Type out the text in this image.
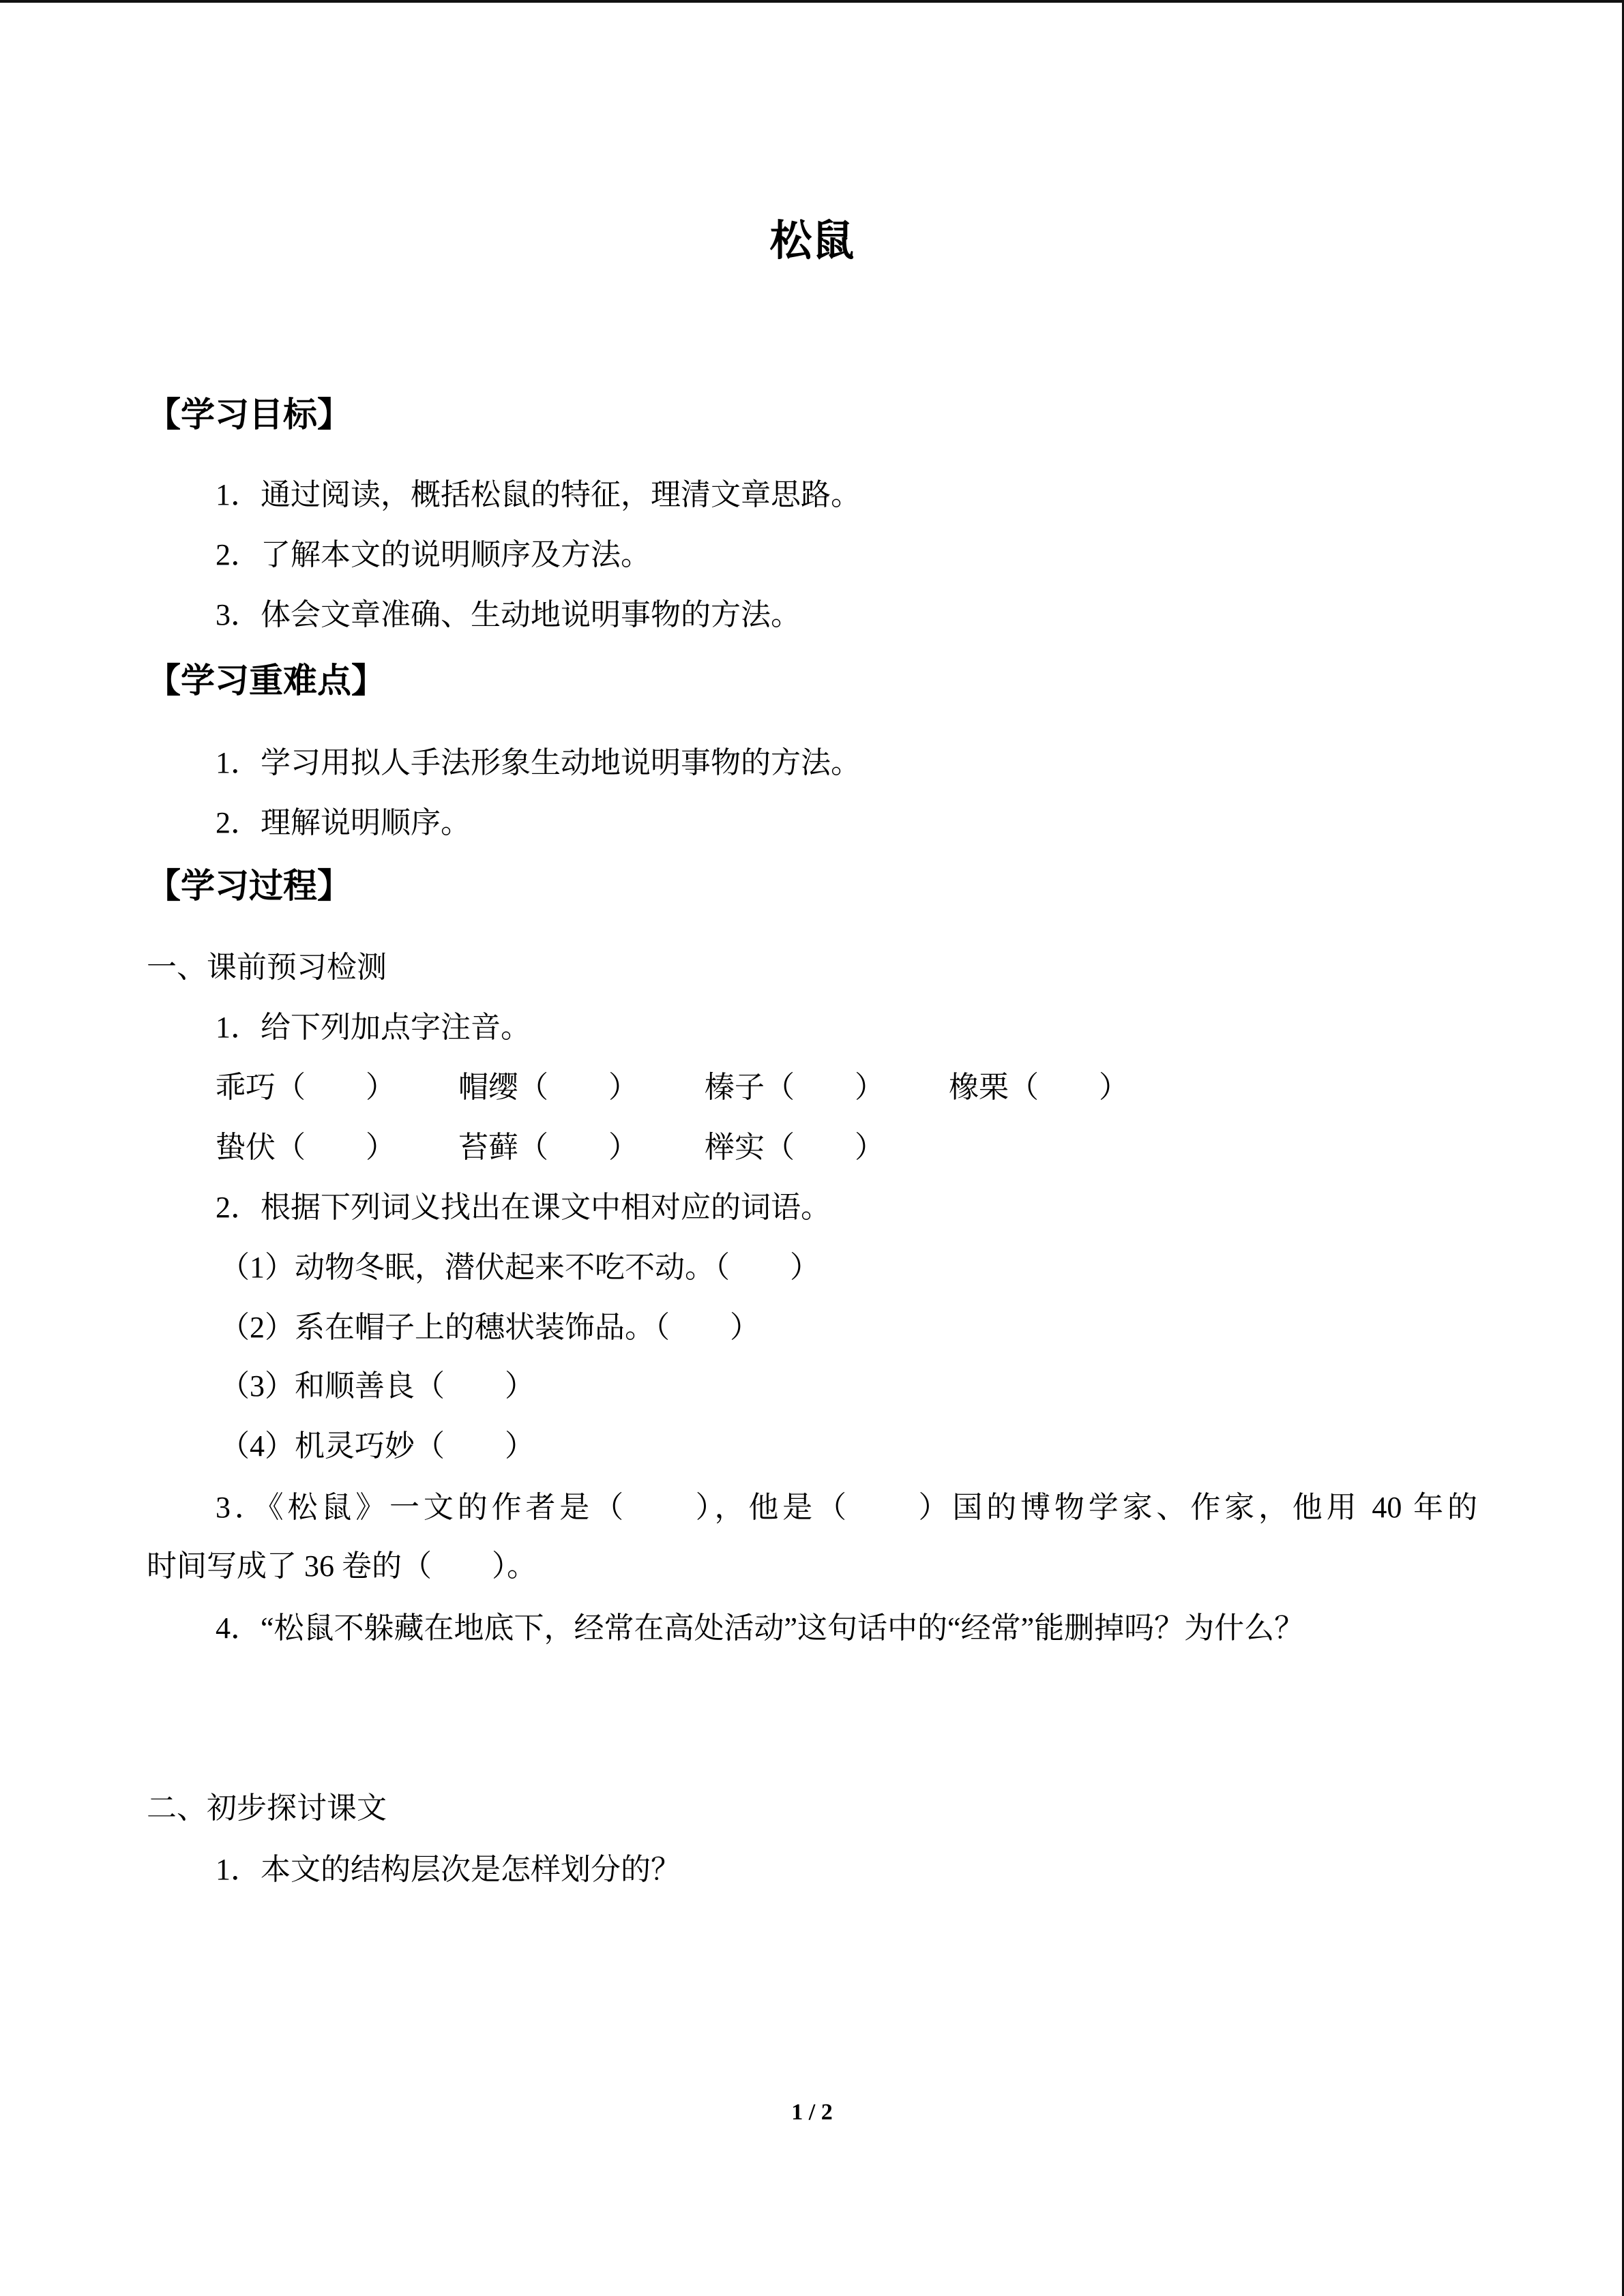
松鼠
【学习目标】
1．通过阅读，概括松鼠的特征，理清文章思路。
2．了解本文的说明顺序及方法。
3．体会文章准确、生动地说明事物的方法。
【学习重难点】
1．学习用拟人手法形象生动地说明事物的方法。
2．理解说明顺序。
【学习过程】
一、课前预习检测
1．给下列加点字注音。
乖巧（　　） 帽缨（　　） 榛子（　　） 橡栗（　　）
蛰伏（　　） 苔藓（　　） 榉实（　　）
2．根据下列词义找出在课文中相对应的词语。
（1）动物冬眠，潜伏起来不吃不动。（　　）
（2）系在帽子上的穗状装饰品。（　　）
（3）和顺善良（　　）
（4）机灵巧妙（　　）
3．《松鼠》一文的作者是（　　），他是（　　）国的博物学家、作家，他用 40 年的
时间写成了 36 卷的（　　）。
4．“松鼠不躲藏在地底下，经常在高处活动”这句话中的“经常”能删掉吗？为什么？
二、初步探讨课文
1．本文的结构层次是怎样划分的？
1 / 2
